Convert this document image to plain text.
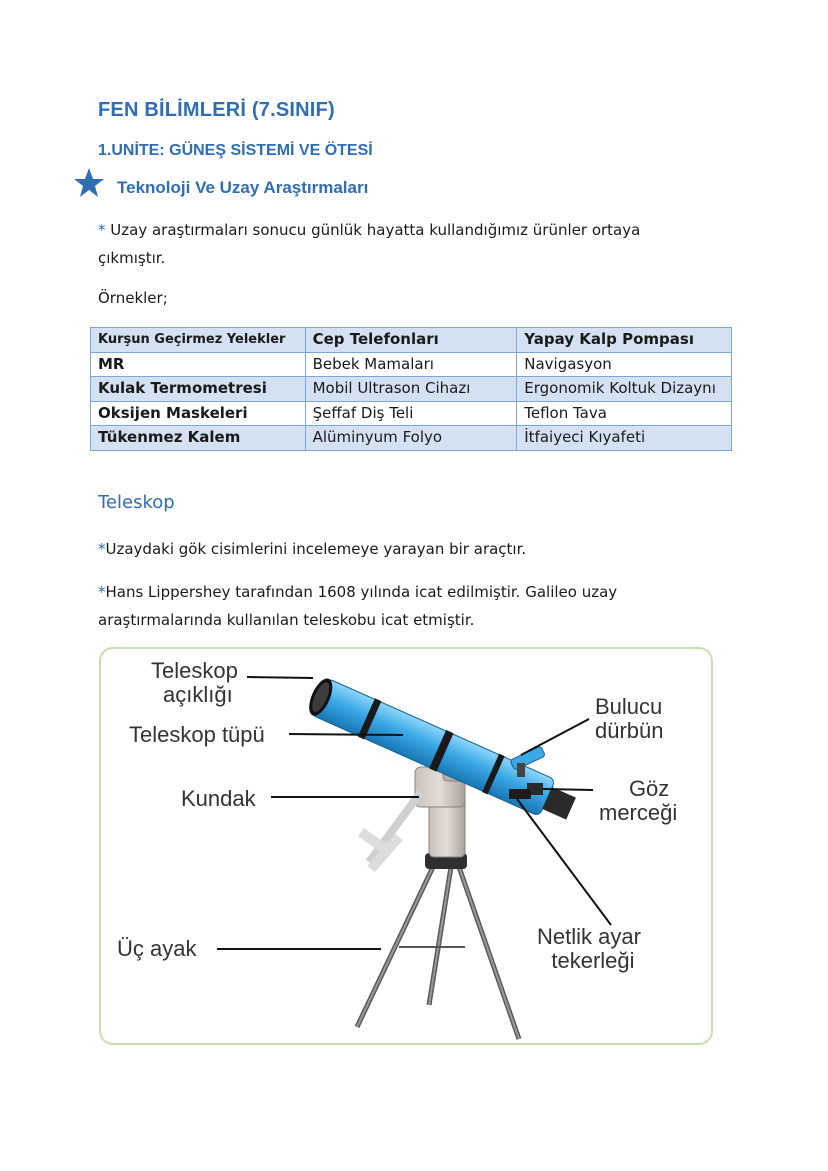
FEN BİLİMLERİ (7.SINIF)
1.UNİTE: GÜNEŞ SİSTEMİ VE ÖTESİ
Teknoloji Ve Uzay Araştırmaları
* Uzay araştırmaları sonucu günlük hayatta kullandığımız ürünler ortaya
çıkmıştır.
Örnekler;
Kurşun Geçirmez Yelekler	Cep Telefonları	Yapay Kalp Pompası
MR	Bebek Mamaları	Navigasyon
Kulak Termometresi	Mobil Ultrason Cihazı	Ergonomik Koltuk Dizaynı
Oksijen Maskeleri	Şeffaf Diş Teli	Teflon Tava
Tükenmez Kalem	Alüminyum Folyo	İtfaiyeci Kıyafeti
Teleskop
*Uzaydaki gök cisimlerini incelemeye yarayan bir araçtır.
*Hans Lippershey tarafından 1608 yılında icat edilmiştir. Galileo uzay
araştırmalarında kullanılan teleskobu icat etmiştir.
Teleskop
açıklığı
Teleskop tüpü
Kundak
Üç ayak
Bulucu
dürbün
Göz
merceği
Netlik ayar
tekerleği
